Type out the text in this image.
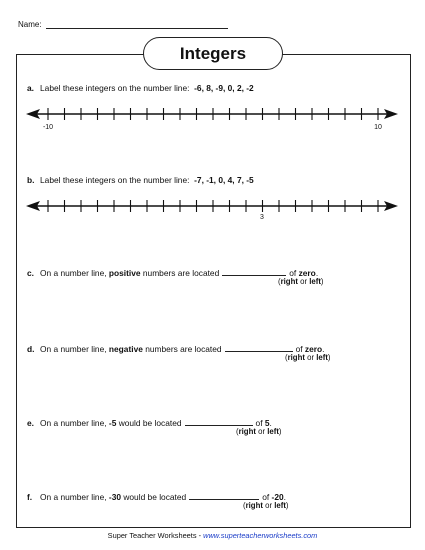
Name:
Integers
a. Label these integers on the number line: -6, 8, -9, 0, 2, -2
-10	10
b. Label these integers on the number line: -7, -1, 0, 4, 7, -5
3
c. On a number line, positive numbers are located	of zero.
(right or left)
d. On a number line, negative numbers are located	of zero.
(right or left)
e. On a number line, -5 would be located	of 5.
(right or left)
f. On a number line, -30 would be located	of -20.
(right or left)
Super Teacher Worksheets - www.superteacherworksheets.com
